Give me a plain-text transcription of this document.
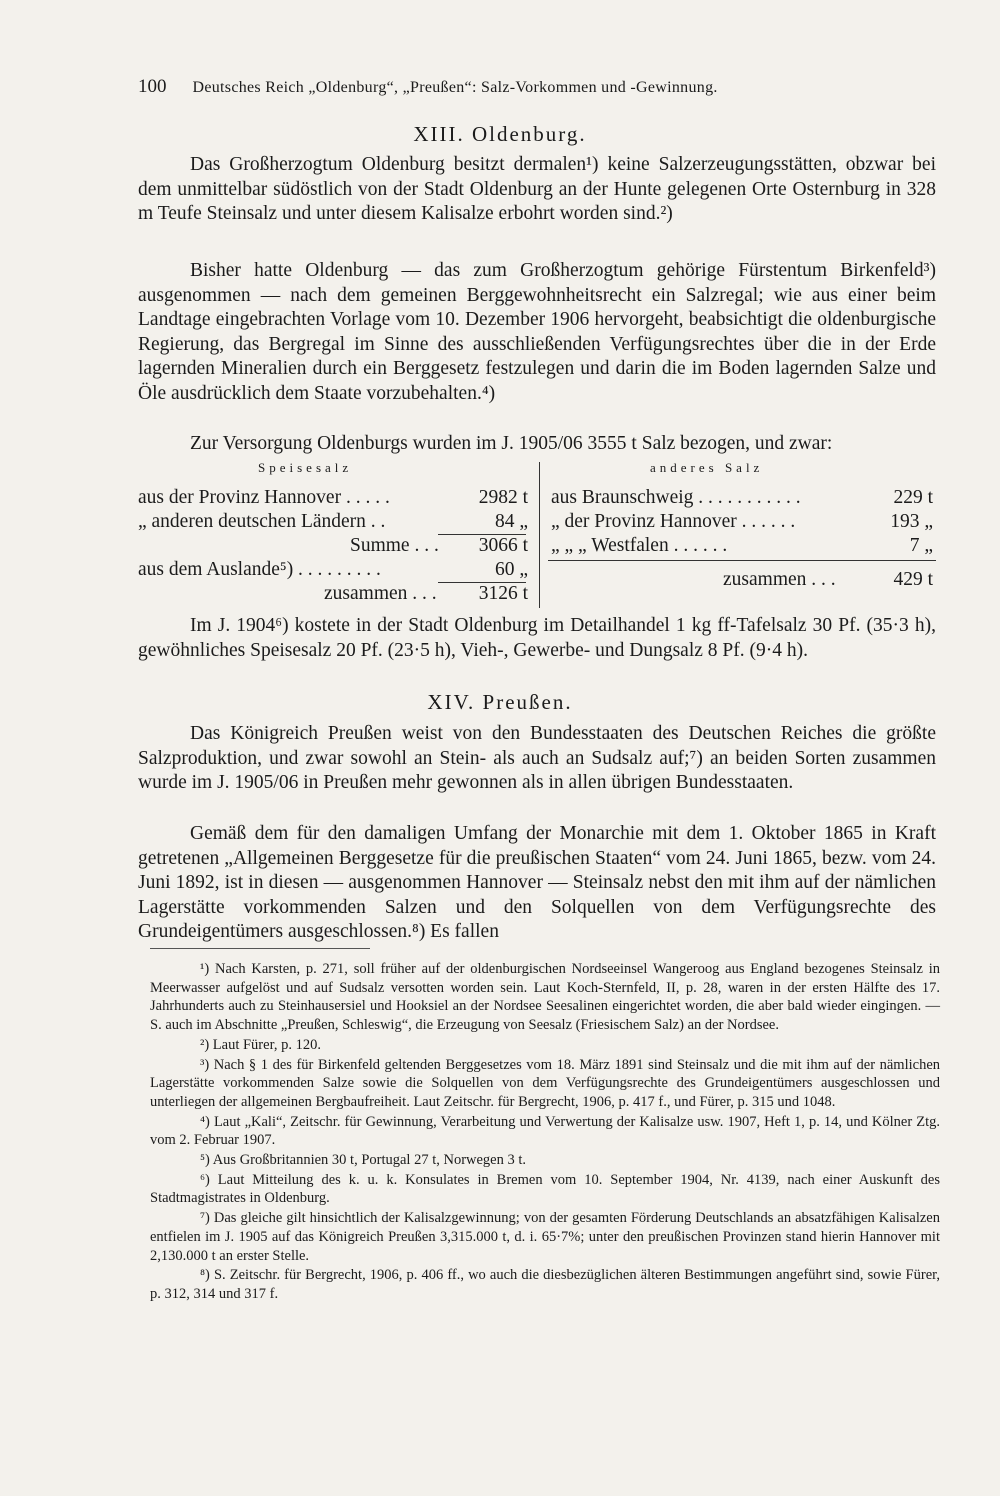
100 Deutsches Reich „Oldenburg“, „Preußen“: Salz-Vorkommen und -Gewinnung.
XIII. Oldenburg.

Das Großherzogtum Oldenburg besitzt dermalen¹) keine Salzerzeugungsstätten, obzwar bei dem unmittelbar südöstlich von der Stadt Oldenburg an der Hunte gelegenen Orte Osternburg in 328 m Teufe Steinsalz und unter diesem Kalisalze erbohrt worden sind.²)

Bisher hatte Oldenburg — das zum Großherzogtum gehörige Fürstentum Birkenfeld³) ausgenommen — nach dem gemeinen Berggewohnheitsrecht ein Salzregal; wie aus einer beim Landtage eingebrachten Vorlage vom 10. Dezember 1906 hervorgeht, beabsichtigt die oldenburgische Regierung, das Bergregal im Sinne des ausschließenden Verfügungsrechtes über die in der Erde lagernden Mineralien durch ein Berggesetz festzulegen und darin die im Boden lagernden Salze und Öle ausdrücklich dem Staate vorzubehalten.⁴)

Zur Versorgung Oldenburgs wurden im J. 1905/06 3555 t Salz bezogen, und zwar:

Speisesalz	anderes Salz
aus der Provinz Hannover . . . . .	2982 t
„ anderen deutschen Ländern . .	84 „
Summe . . . 3066 t
aus dem Auslande⁵) . . . . . . . . .	60 „
zusammen . . . 3126 t
aus Braunschweig . . . . . . . . . . .	229 t
„ der Provinz Hannover . . . . . .	193 „
„ „ „ Westfalen . . . . . .	7 „
zusammen . . .	429 t

Im J. 1904⁶) kostete in der Stadt Oldenburg im Detailhandel 1 kg ff-Tafelsalz 30 Pf. (35·3 h), gewöhnliches Speisesalz 20 Pf. (23·5 h), Vieh-, Gewerbe- und Dungsalz 8 Pf. (9·4 h).

XIV. Preußen.

Das Königreich Preußen weist von den Bundesstaaten des Deutschen Reiches die größte Salzproduktion, und zwar sowohl an Stein- als auch an Sudsalz auf;⁷) an beiden Sorten zusammen wurde im J. 1905/06 in Preußen mehr gewonnen als in allen übrigen Bundesstaaten.

Gemäß dem für den damaligen Umfang der Monarchie mit dem 1. Oktober 1865 in Kraft getretenen „Allgemeinen Berggesetze für die preußischen Staaten“ vom 24. Juni 1865, bezw. vom 24. Juni 1892, ist in diesen — ausgenommen Hannover — Steinsalz nebst den mit ihm auf der nämlichen Lagerstätte vorkommenden Salzen und den Solquellen von dem Verfügungsrechte des Grundeigentümers ausgeschlossen.⁸) Es fallen

¹) Nach Karsten, p. 271, soll früher auf der oldenburgischen Nordseeinsel Wangeroog aus England bezogenes Steinsalz in Meerwasser aufgelöst und auf Sudsalz versotten worden sein. Laut Koch-Sternfeld, II, p. 28, waren in der ersten Hälfte des 17. Jahrhunderts auch zu Steinhausersiel und Hooksiel an der Nordsee Seesalinen eingerichtet worden, die aber bald wieder eingingen. — S. auch im Abschnitte „Preußen, Schleswig“, die Erzeugung von Seesalz (Friesischem Salz) an der Nordsee.

²) Laut Fürer, p. 120.

³) Nach § 1 des für Birkenfeld geltenden Berggesetzes vom 18. März 1891 sind Steinsalz und die mit ihm auf der nämlichen Lagerstätte vorkommenden Salze sowie die Solquellen von dem Verfügungsrechte des Grundeigentümers ausgeschlossen und unterliegen der allgemeinen Bergbaufreiheit. Laut Zeitschr. für Bergrecht, 1906, p. 417 f., und Fürer, p. 315 und 1048.

⁴) Laut „Kali“, Zeitschr. für Gewinnung, Verarbeitung und Verwertung der Kalisalze usw. 1907, Heft 1, p. 14, und Kölner Ztg. vom 2. Februar 1907.

⁵) Aus Großbritannien 30 t, Portugal 27 t, Norwegen 3 t.

⁶) Laut Mitteilung des k. u. k. Konsulates in Bremen vom 10. September 1904, Nr. 4139, nach einer Auskunft des Stadtmagistrates in Oldenburg.

⁷) Das gleiche gilt hinsichtlich der Kalisalzgewinnung; von der gesamten Förderung Deutschlands an absatzfähigen Kalisalzen entfielen im J. 1905 auf das Königreich Preußen 3,315.000 t, d. i. 65·7%; unter den preußischen Provinzen stand hierin Hannover mit 2,130.000 t an erster Stelle.

⁸) S. Zeitschr. für Bergrecht, 1906, p. 406 ff., wo auch die diesbezüglichen älteren Bestimmungen angeführt sind, sowie Fürer, p. 312, 314 und 317 f.
